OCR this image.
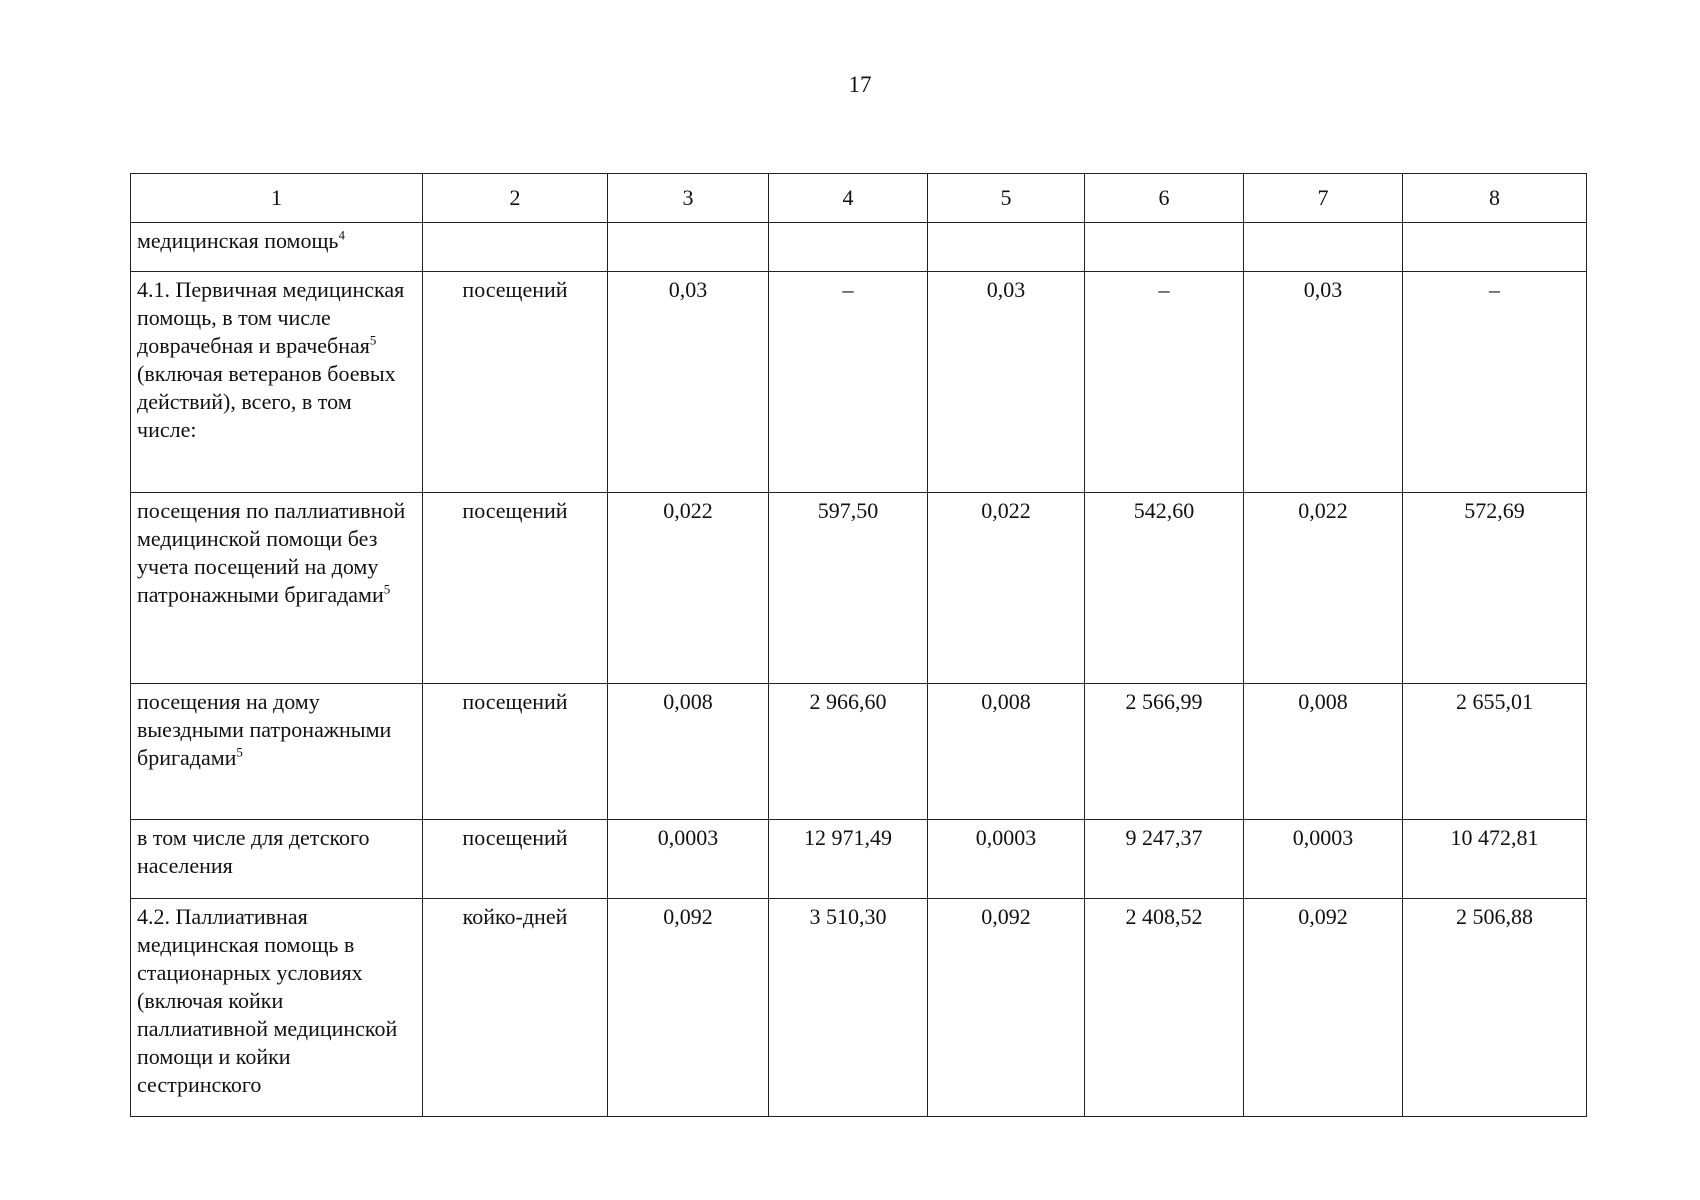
17
1	2	3	4	5	6	7	8
медицинская помощь$^4$							
4.1. Первичная медицинская помощь, в том числе доврачебная и врачебная$^5$ (включая ветеранов боевых действий), всего, в том числе:	посещений	0,03	–	0,03	–	0,03	–
посещения по паллиативной медицинской помощи без учета посещений на дому патронажными бригадами$^5$	посещений	0,022	597,50	0,022	542,60	0,022	572,69
посещения на дому выездными патронажными бригадами$^5$	посещений	0,008	2 966,60	0,008	2 566,99	0,008	2 655,01
в том числе для детского населения	посещений	0,0003	12 971,49	0,0003	9 247,37	0,0003	10 472,81
4.2. Паллиативная медицинская помощь в стационарных условиях (включая койки паллиативной медицинской помощи и койки сестринского	койко-дней	0,092	3 510,30	0,092	2 408,52	0,092	2 506,88
